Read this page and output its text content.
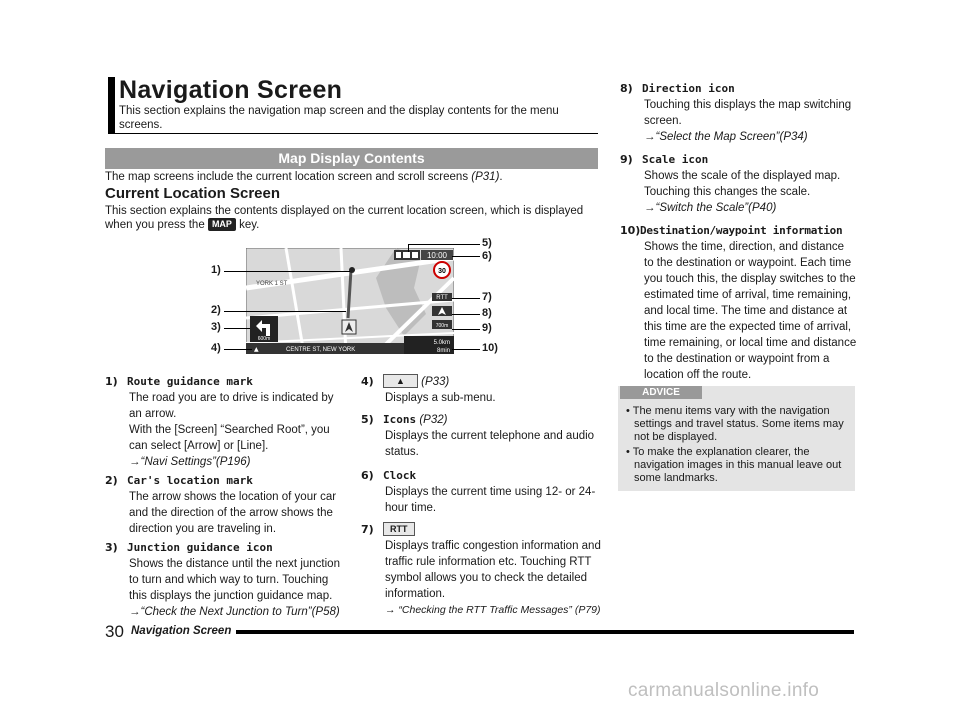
Navigation Screen
This section explains the navigation map screen and the display contents for the menu screens.
Map Display Contents
The map screens include the current location screen and scroll screens (P31).
Current Location Screen
This section explains the contents displayed on the current location screen, which is displayed when you press the MAP key.
YORK 1 ST
10:00
30
RTT
700m
600m
▲	CENTRE ST, NEW YORK
5.0km
8min
1)
2)
3)
4)
5)
6)
7)
8)
9)
10)
1) Route guidance mark
The road you are to drive is indicated by
an arrow.
With the [Screen] “Searched Root”, you
can select [Arrow] or [Line].
→“Navi Settings”(P196)
2) Car's location mark
The arrow shows the location of your car
and the direction of the arrow shows the
direction you are traveling in.
3) Junction guidance icon
Shows the distance until the next junction
to turn and which way to turn. Touching
this displays the junction guidance map.
→“Check the Next Junction to Turn”(P58)
4) ▲ (P33)
Displays a sub-menu.
5) Icons (P32)
Displays the current telephone and audio
status.
6) Clock
Displays the current time using 12- or 24-
hour time.
7) RTT
Displays traffic congestion information and
traffic rule information etc. Touching RTT
symbol allows you to check the detailed
information.
→ “Checking the RTT Traffic Messages” (P79)
8) Direction icon
Touching this displays the map switching
screen.
→“Select the Map Screen”(P34)
9) Scale icon
Shows the scale of the displayed map.
Touching this changes the scale.
→“Switch the Scale”(P40)
10)Destination/waypoint information
Shows the time, direction, and distance
to the destination or waypoint. Each time
you touch this, the display switches to the
estimated time of arrival, time remaining,
and local time. The time and distance at
this time are the expected time of arrival,
time remaining, or local time and distance
to the destination or waypoint from a
location off the route.
ADVICE
• The menu items vary with the navigation settings and travel status. Some items may not be displayed.
• To make the explanation clearer, the navigation images in this manual leave out some landmarks.
30 Navigation Screen
carmanualsonline.info
